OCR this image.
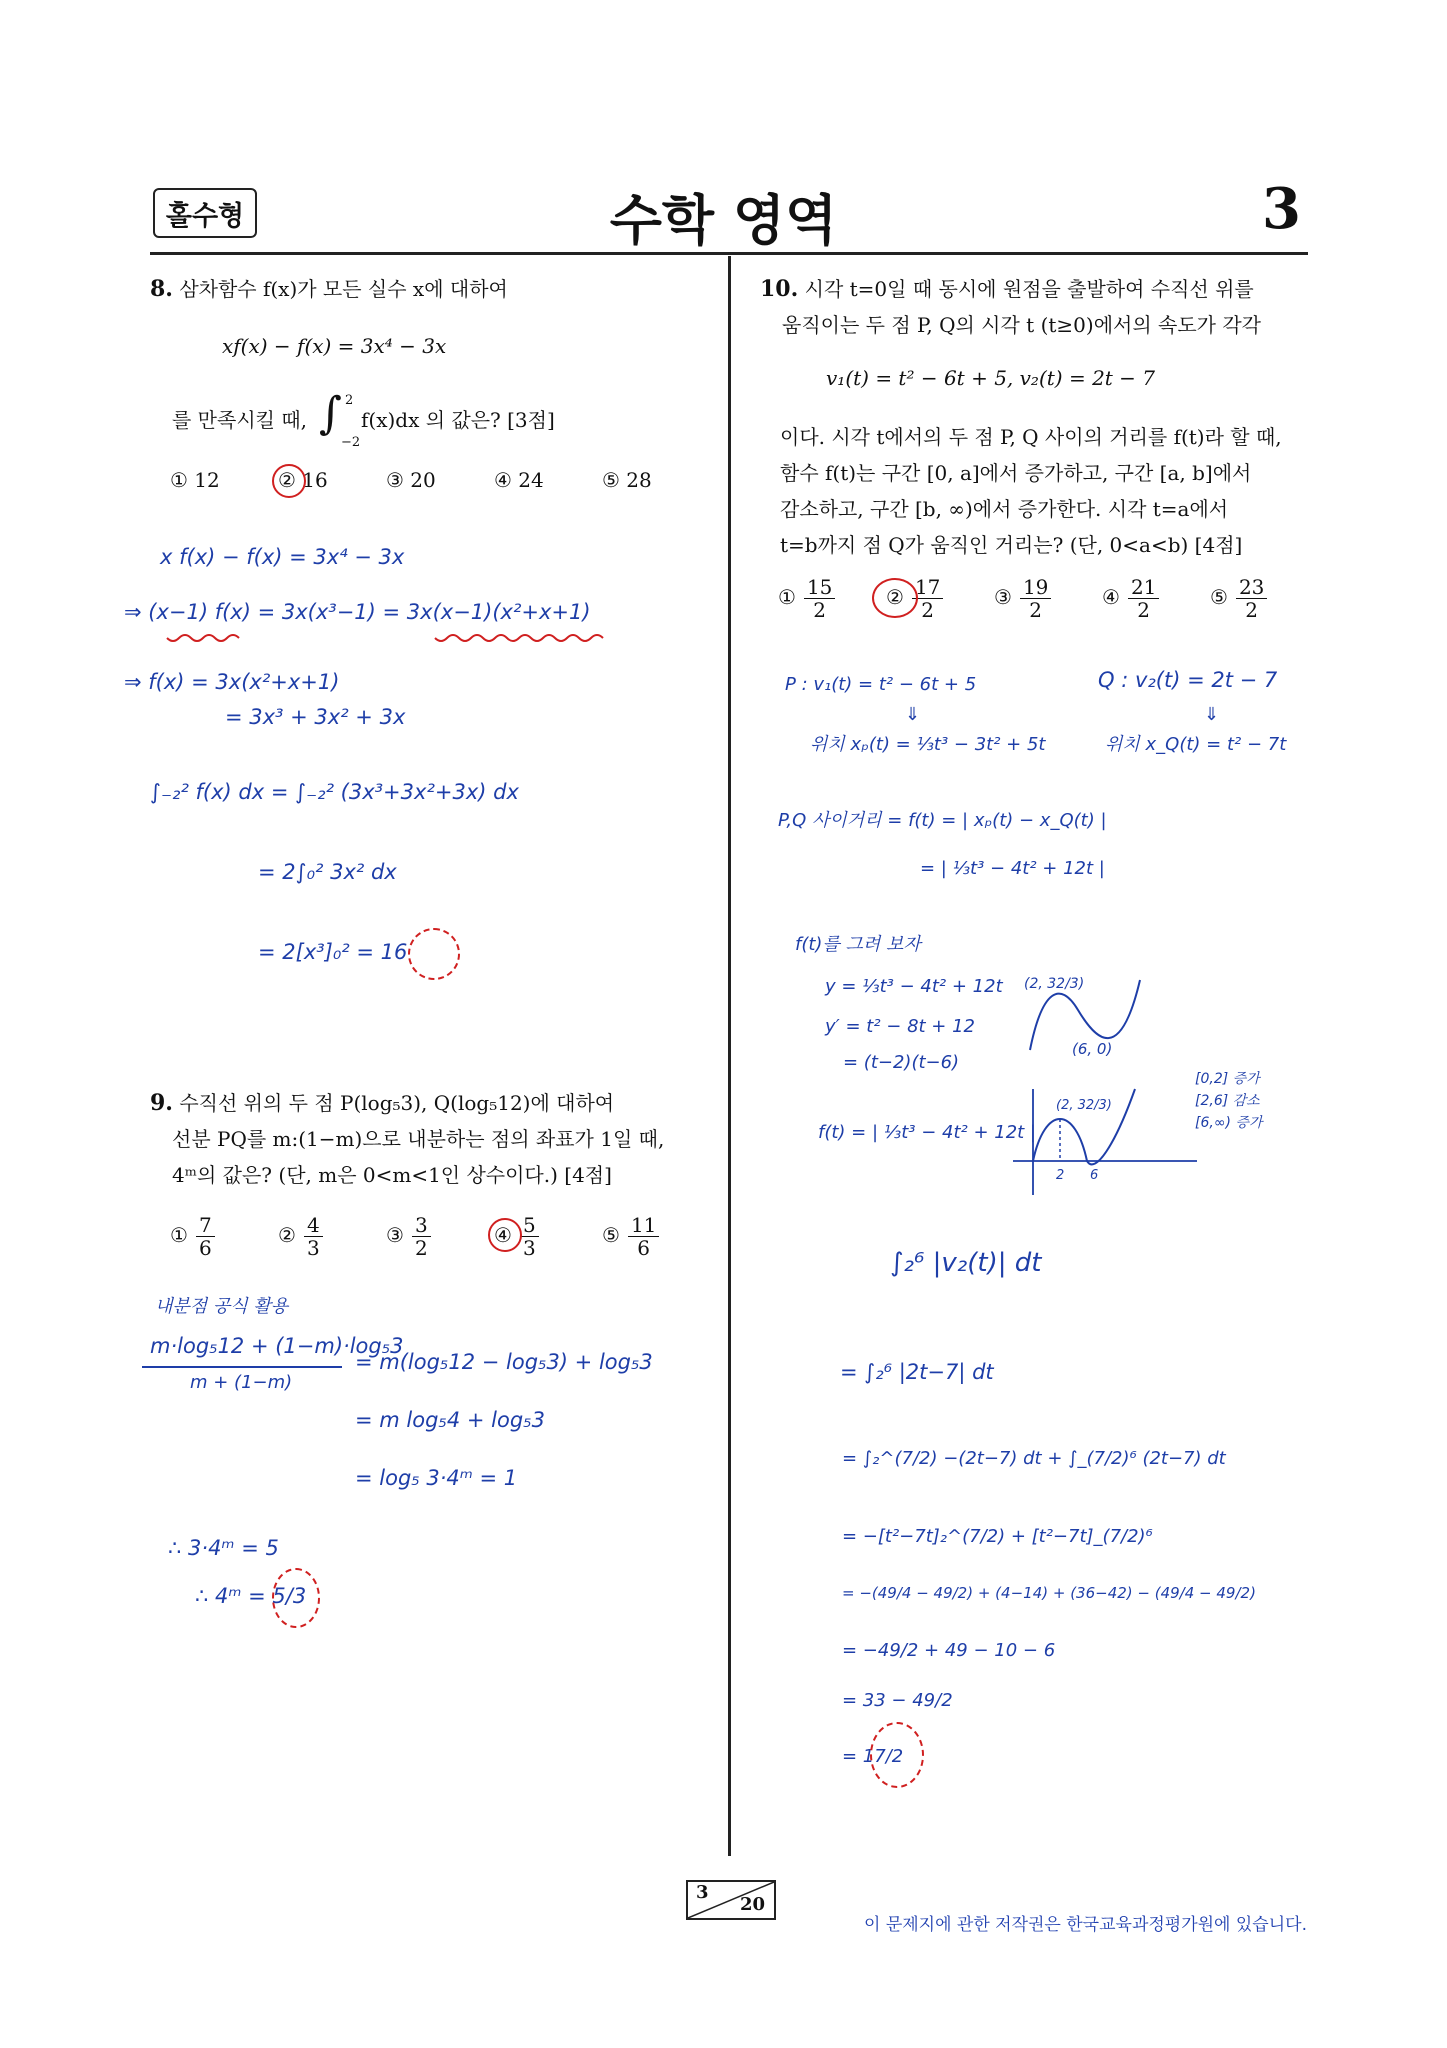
홀수형	수학 영역	3
8. 삼차함수 f(x)가 모든 실수 x에 대하여
xf(x) − f(x) = 3x⁴ − 3x
를 만족시킬 때, ∫ 2
−2
f(x)dx 의 값은? [3점]
① 12	② 16	③ 20	④ 24	⑤ 28
x f(x) − f(x) = 3x⁴ − 3x
⇒ (x−1) f(x) = 3x(x³−1) = 3x(x−1)(x²+x+1)
⇒ f(x) = 3x(x²+x+1)
= 3x³ + 3x² + 3x
∫₋₂² f(x) dx = ∫₋₂² (3x³+3x²+3x) dx
= 2∫₀² 3x² dx
= 2[x³]₀² = 16
9. 수직선 위의 두 점 P(log₅3), Q(log₅12)에 대하여
선분 PQ를 m:(1−m)으로 내분하는 점의 좌표가 1일 때,
4ᵐ의 값은? (단, m은 0<m<1인 상수이다.) [4점]
① $\frac{7}{6}$	② $\frac{4}{3}$	③ $\frac{3}{2}$	④ $\frac{5}{3}$	⑤ $\frac{11}{6}$
내분점 공식 활용
m·log₅12 + (1−m)·log₅3
m + (1−m)
= m(log₅12 − log₅3) + log₅3
= m log₅4 + log₅3
= log₅ 3·4ᵐ = 1
∴ 3·4ᵐ = 5
∴ 4ᵐ = 5/3
10. 시각 t=0일 때 동시에 원점을 출발하여 수직선 위를
움직이는 두 점 P, Q의 시각 t (t≥0)에서의 속도가 각각
v₁(t) = t² − 6t + 5, v₂(t) = 2t − 7
이다. 시각 t에서의 두 점 P, Q 사이의 거리를 f(t)라 할 때,
함수 f(t)는 구간 [0, a]에서 증가하고, 구간 [a, b]에서
감소하고, 구간 [b, ∞)에서 증가한다. 시각 t=a에서
t=b까지 점 Q가 움직인 거리는? (단, 0<a<b) [4점]
① $\frac{15}{2}$	② $\frac{17}{2}$	③ $\frac{19}{2}$	④ $\frac{21}{2}$	⑤ $\frac{23}{2}$
P : v₁(t) = t² − 6t + 5	Q : v₂(t) = 2t − 7
⇓	⇓
위치 xₚ(t) = ⅓t³ − 3t² + 5t	위치 x_Q(t) = t² − 7t
P,Q 사이거리 = f(t) = | xₚ(t) − x_Q(t) |
= | ⅓t³ − 4t² + 12t |
f(t)를 그려 보자
y = ⅓t³ − 4t² + 12t
y′ = t² − 8t + 12
= (t−2)(t−6)
(2, 32/3)
(6, 0)
[0,2] 증가
[2,6] 감소
[6,∞) 증가
f(t) = | ⅓t³ − 4t² + 12t |
(2, 32/3)
2 6
∫₂⁶ |v₂(t)| dt
= ∫₂⁶ |2t−7| dt
= ∫₂^(7/2) −(2t−7) dt + ∫_(7/2)⁶ (2t−7) dt
= −[t²−7t]₂^(7/2) + [t²−7t]_(7/2)⁶
= −(49/4 − 49/2) + (4−14) + (36−42) − (49/4 − 49/2)
= −49/2 + 49 − 10 − 6
= 33 − 49/2
= 17/2
3
20
이 문제지에 관한 저작권은 한국교육과정평가원에 있습니다.
